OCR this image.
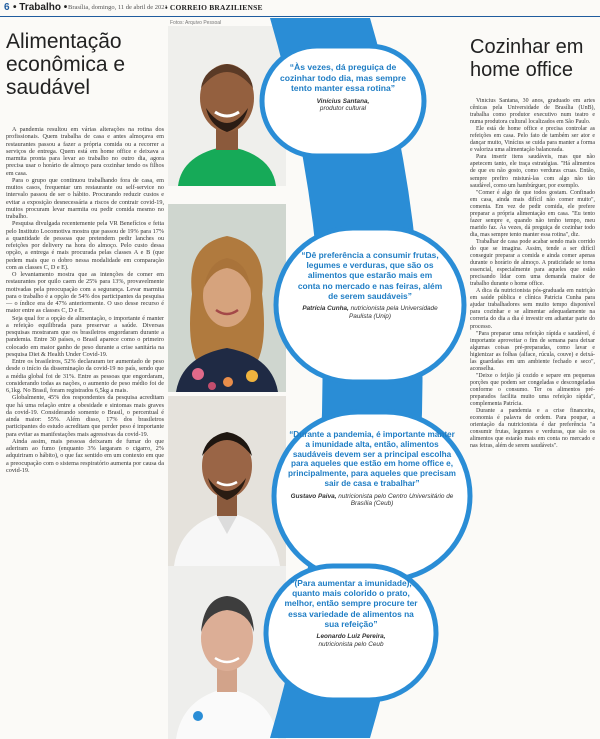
6 • Trabalho • Brasília, domingo, 11 de abril de 2021
• CORREIO BRAZILIENSE
Alimentação
econômica e
saudável

A pandemia resultou em várias alterações na rotina dos profissionais. Quem trabalha de casa e antes almoçava em restaurantes passou a fazer a própria comida ou a recorrer a serviços de entrega. Quem está em home office e deixava a marmita pronta para levar ao trabalho no outro dia, agora precisa usar o horário de almoço para cozinhar tendo os filhos em casa.

Para o grupo que continuou trabalhando fora de casa, em muitos casos, frequentar um restaurante ou self-service no intervalo passou de ser o hábito. Procurando reduzir custos e evitar a exposição desnecessária a riscos de contrair covid-19, muitos procuram levar marmita ou pedir comida mesmo no trabalho.

Pesquisa divulgada recentemente pela VR Benefícios e feita pelo Instituto Locomotiva mostra que passou de 19% para 17% a quantidade de pessoas que pretendem pedir lanches ou refeições por delivery na hora do almoço. Pelo custo dessa opção, a entrega é mais procurada pelas classes A e B (que pedem mais que o dobro nessa modalidade em comparação com as classes C, D e E).

O levantamento mostra que as intenções de comer em restaurantes por quilo caem de 25% para 13%, provavelmente motivadas pela preocupação com a segurança. Levar marmita para o trabalho é a opção de 54% dos participantes da pesquisa — o índice era de 47% anteriormente. O uso desse recurso é maior entre as classes C, D e E.

Seja qual for a opção de alimentação, o importante é manter a refeição equilibrada para preservar a saúde. Diversas pesquisas mostraram que os brasileiros engordaram durante a pandemia. Entre 30 países, o Brasil aparece como o primeiro colocado em maior ganho de peso durante a crise sanitária na pesquisa Diet & Health Under Covid-19.

Entre os brasileiros, 52% declararam ter aumentado de peso desde o início da disseminação da covid-19 no país, sendo que a média global foi de 31%. Entre as pessoas que engordaram, considerando todas as nações, o aumento de peso médio foi de 6,1kg. No Brasil, foram registrados 6,5kg a mais.

Globalmente, 45% dos respondentes da pesquisa acreditam que há uma relação entre a obesidade e sintomas mais graves da covid-19. Considerando somente o Brasil, o percentual é ainda maior: 55%. Além disso, 17% dos brasileiros participantes do estudo acreditam que perder peso é importante para evitar as manifestações mais agressivas da covid-19.

Ainda assim, mais pessoas deixaram de fumar do que aderiram ao fumo (enquanto 3% largaram o cigarro, 2% adquiriram o hábito), o que faz sentido em um contexto em que a preocupação com o sistema respiratório aumenta por causa da covid-19.

Fotos: Arquivo Pessoal
“Às vezes, dá preguiça de cozinhar todo dia, mas sempre tento manter essa rotina”
Vinícius Santana,
produtor cultural
“Dê preferência a consumir frutas, legumes e verduras, que são os alimentos que estarão mais em conta no mercado e nas feiras, além de serem saudáveis”
Patrícia Cunha, nutricionista pela Universidade Paulista (Unip)
“Durante a pandemia, é importante manter a imunidade alta, então, alimentos saudáveis devem ser a principal escolha para aqueles que estão em home office e, principalmente, para aqueles que precisam sair de casa e trabalhar”
Gustavo Paiva, nutricionista pelo Centro Universitário de Brasília (Ceub)
“(Para aumentar a imunidade), quanto mais colorido o prato, melhor, então sempre procure ter essa variedade de alimentos na sua refeição”
Leonardo Luiz Pereira,
nutricionista pelo Ceub
Cozinhar em
home office

Vinícius Santana, 30 anos, graduado em artes cênicas pela Universidade de Brasília (UnB), trabalha como produtor executivo num teatro e numa produtora cultural localizados em São Paulo.

Ele está de home office e precisa controlar as refeições em casa. Pelo fato de também ser ator e dançar muito, Vinícius se cuida para manter a forma e valoriza uma alimentação balanceada.

Para inserir itens saudáveis, mas que não apetecem tanto, ele traça estratégias. "Há alimentos de que eu não gosto, como verduras cruas. Então, sempre prefiro misturá-las com algo não tão saudável, como um hambúrguer, por exemplo.

"Comer é algo de que todos gostam. Confinado em casa, ainda mais difícil não comer muito", comenta. Em vez de pedir comida, ele prefere preparar a própria alimentação em casa. "Eu tento fazer sempre e, quando não tenho tempo, meu marido faz. Às vezes, dá preguiça de cozinhar todo dia, mas sempre tento manter essa rotina", diz.

Trabalhar de casa pode acabar sendo mais corrido do que se imagina. Assim, tende a ser difícil conseguir preparar a comida e ainda comer apenas durante o horário de almoço. A praticidade se torna essencial, especialmente para aqueles que estão precisando lidar com uma demanda maior de trabalho durante o home office.

A dica da nutricionista pós-graduada em nutrição em saúde pública e clínica Patrícia Cunha para ajudar trabalhadores sem muito tempo disponível para cozinhar e se alimentar adequadamente na correria do dia a dia é investir em adiantar parte do processo.

"Para preparar uma refeição rápida e saudável, é importante aproveitar o fim de semana para deixar algumas coisas pré-preparadas, como lavar e higienizar as folhas (alface, rúcula, couve) e deixá-las guardadas em um ambiente fechado e seco", aconselha.

"Deixe o feijão já cozido e separe em pequenas porções que podem ser congeladas e descongeladas conforme o consumo. Ter os alimentos pré-preparados facilita muito uma refeição rápida", complementa Patrícia.

Durante a pandemia e a crise financeira, economia é palavra de ordem. Para poupar, a orientação da nutricionista é dar preferência "a consumir frutas, legumes e verduras, que são os alimentos que estarão mais em conta no mercado e nas feiras, além de serem saudáveis".
